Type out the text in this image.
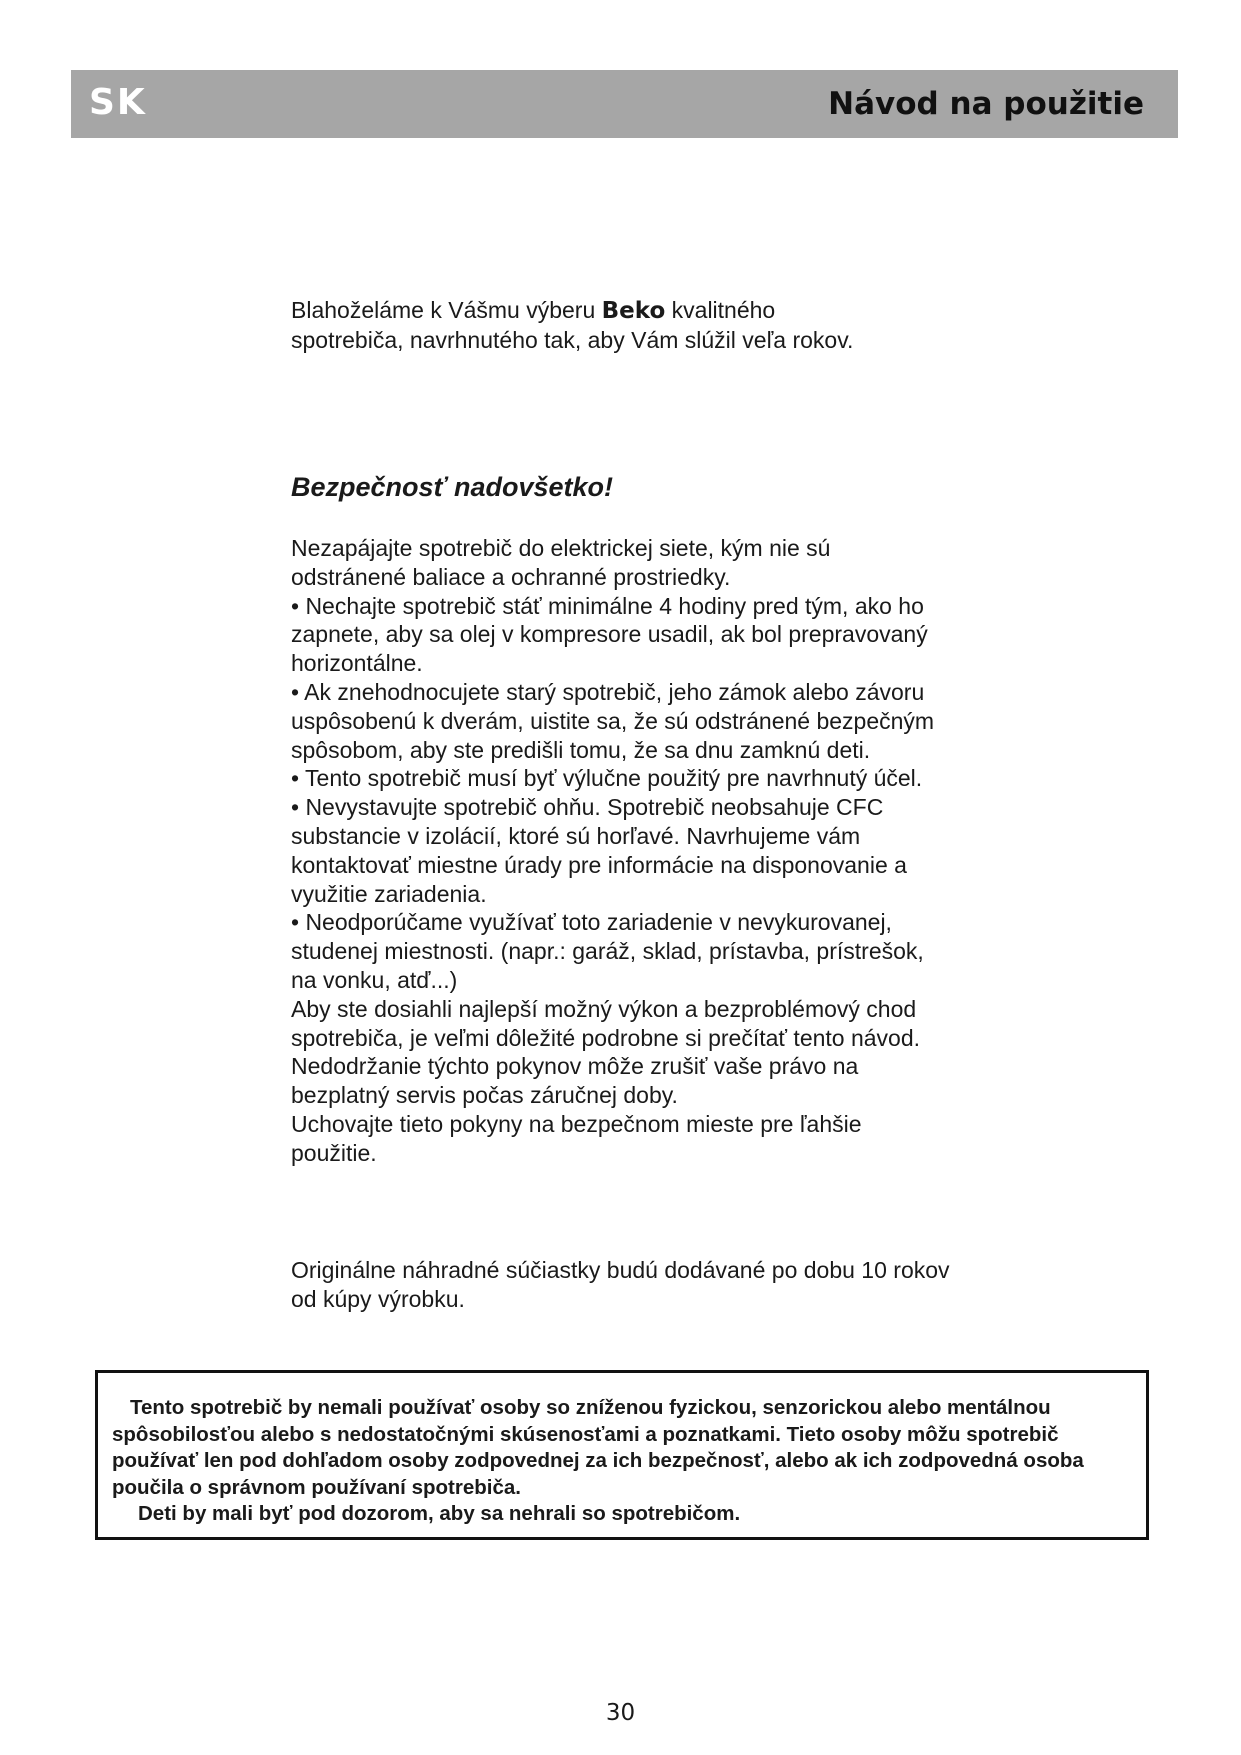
SK	Návod na použitie
Blahoželáme k Vášmu výberu Beko kvalitného
spotrebiča, navrhnutého tak, aby Vám slúžil veľa rokov.
Bezpečnosť nadovšetko!

Nezapájajte spotrebič do elektrickej siete, kým nie sú odstránené baliace a ochranné prostriedky.

• Nechajte spotrebič stáť minimálne 4 hodiny pred tým, ako ho zapnete, aby sa olej v kompresore usadil, ak bol prepravovaný horizontálne.

• Ak znehodnocujete starý spotrebič, jeho zámok alebo závoru uspôsobenú k dverám, uistite sa, že sú odstránené bezpečným spôsobom, aby ste predišli tomu, že sa dnu zamknú deti.

• Tento spotrebič musí byť výlučne použitý pre navrhnutý účel.

• Nevystavujte spotrebič ohňu. Spotrebič neobsahuje CFC substancie v izolácií, ktoré sú horľavé. Navrhujeme vám kontaktovať miestne úrady pre informácie na disponovanie a využitie zariadenia.

• Neodporúčame využívať toto zariadenie v nevykurovanej, studenej miestnosti. (napr.: garáž, sklad, prístavba, prístrešok, na vonku, atď...)

Aby ste dosiahli najlepší možný výkon a bezproblémový chod spotrebiča, je veľmi dôležité podrobne si prečítať tento návod. Nedodržanie týchto pokynov môže zrušiť vaše právo na bezplatný servis počas záručnej doby.

Uchovajte tieto pokyny na bezpečnom mieste pre ľahšie použitie.

Originálne náhradné súčiastky budú dodávané po dobu 10 rokov od kúpy výrobku.

Tento spotrebič by nemali používať osoby so zníženou fyzickou, senzorickou alebo mentálnou spôsobilosťou alebo s nedostatočnými skúsenosťami a poznatkami. Tieto osoby môžu spotrebič používať len pod dohľadom osoby zodpovednej za ich bezpečnosť, alebo ak ich zodpovedná osoba poučila o správnom používaní spotrebiča.

Deti by mali byť pod dozorom, aby sa nehrali so spotrebičom.

30
